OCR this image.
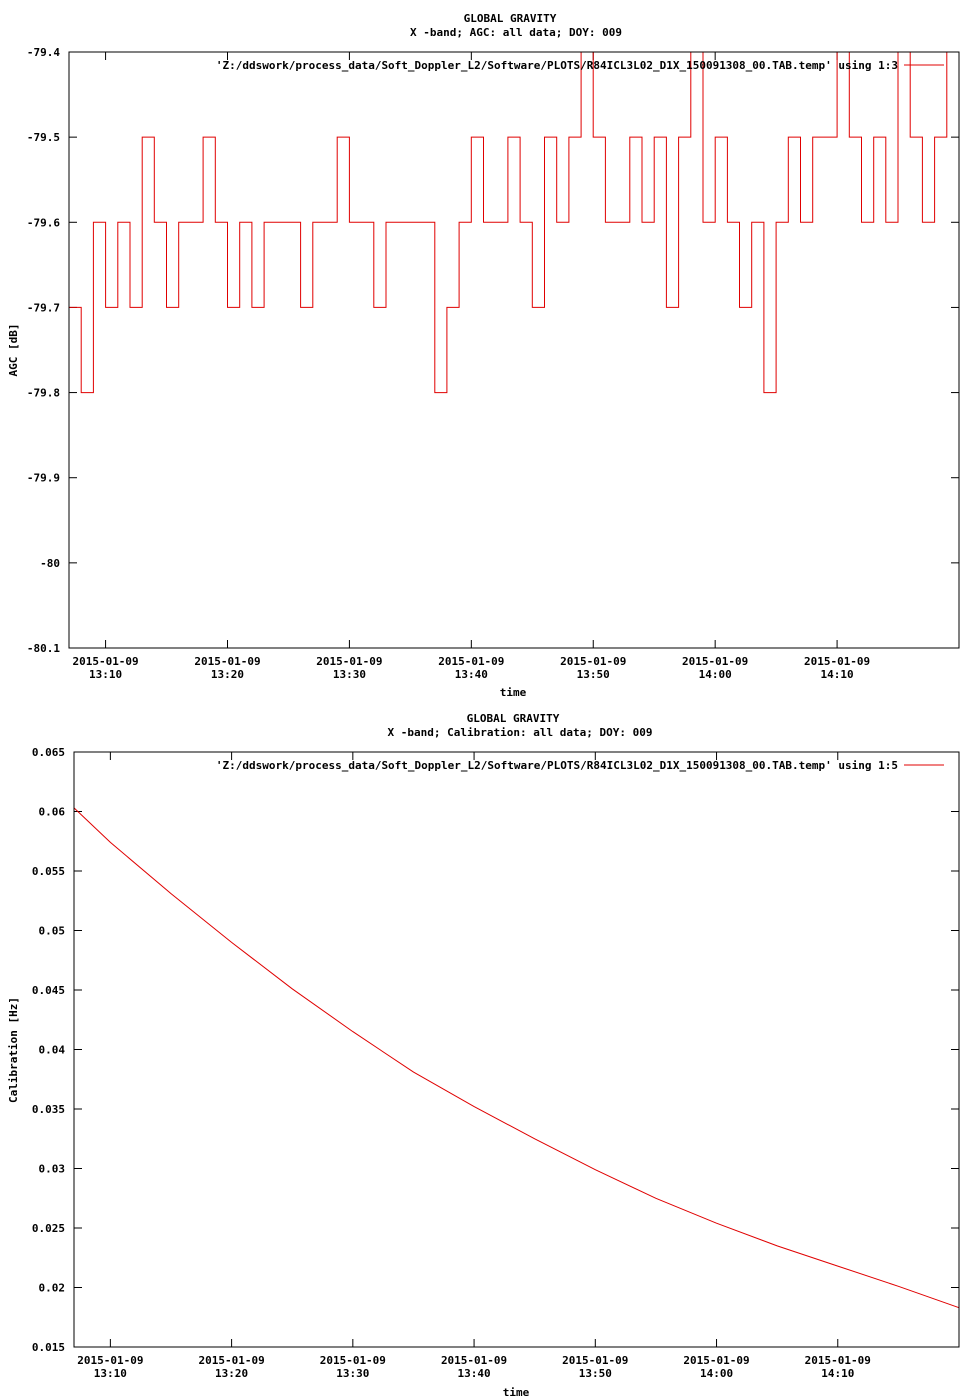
GLOBAL GRAVITY
X -band; AGC: all data; DOY: 009
-79.4
-79.5
-79.6
-79.7
-79.8
-79.9
-80
-80.1
2015-01-09
13:10
2015-01-09
13:20
2015-01-09
13:30
2015-01-09
13:40
2015-01-09
13:50
2015-01-09
14:00
2015-01-09
14:10
AGC [dB]
time
'Z:/ddswork/process_data/Soft_Doppler_L2/Software/PLOTS/R84ICL3L02_D1X_150091308_00.TAB.temp' using 1:3
GLOBAL GRAVITY
X -band; Calibration: all data; DOY: 009
0.065
0.06
0.055
0.05
0.045
0.04
0.035
0.03
0.025
0.02
0.015
2015-01-09
13:10
2015-01-09
13:20
2015-01-09
13:30
2015-01-09
13:40
2015-01-09
13:50
2015-01-09
14:00
2015-01-09
14:10
Calibration [Hz]
time
'Z:/ddswork/process_data/Soft_Doppler_L2/Software/PLOTS/R84ICL3L02_D1X_150091308_00.TAB.temp' using 1:5
